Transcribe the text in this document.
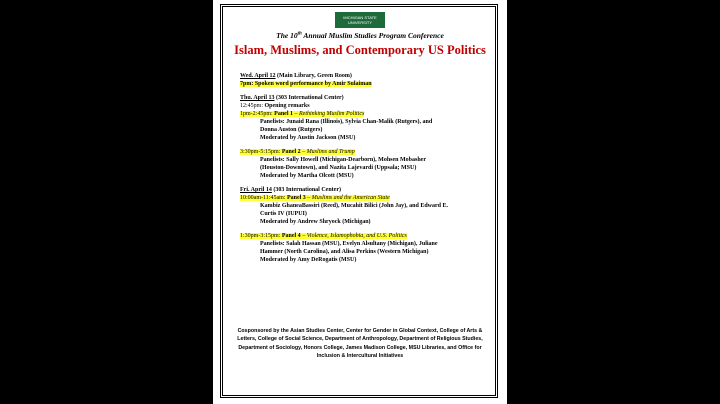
MICHIGAN STATE UNIVERSITY
The 10th Annual Muslim Studies Program Conference
Islam, Muslims, and Contemporary US Politics
Wed. April 12 (Main Library, Green Room)
7pm: Spoken word performance by Amir Sulaiman
Thu. April 13 (303 International Center)
12:45pm: Opening remarks
1pm-2:45pm: Panel 1 – Rethinking Muslim Politics
Panelists: Junaid Rana (Illinois), Sylvia Chan-Malik (Rutgers), and
Donna Auston (Rutgers)
Moderated by Austin Jackson (MSU)
3:30pm-5:15pm: Panel 2 – Muslims and Trump
Panelists: Sally Howell (Michigan-Dearborn), Mohsen Mobasher
(Houston-Downtown), and Nazita Lajevardi (Uppsala; MSU)
Moderated by Martha Olcott (MSU)
Fri. April 14 (303 International Center)
10:00am-11:45am: Panel 3 – Muslims and the American State
Kambiz GhaneaBassiri (Reed), Mucahit Bilici (John Jay), and Edward E.
Curtis IV (IUPUI)
Moderated by Andrew Shryock (Michigan)
1:30pm-3:15pm: Panel 4 – Violence, Islamophobia, and U.S. Politics
Panelists: Salah Hassan (MSU), Evelyn Alsultany (Michigan), Juliane
Hammer (North Carolina), and Alisa Perkins (Western Michigan)
Moderated by Amy DeRogatis (MSU)
Cosponsored by the Asian Studies Center, Center for Gender in Global Context, College of Arts & Letters, College of Social Science, Department of Anthropology, Department of Religious Studies, Department of Sociology, Honors College, James Madison College, MSU Libraries, and Office for Inclusion & Intercultural Initiatives
